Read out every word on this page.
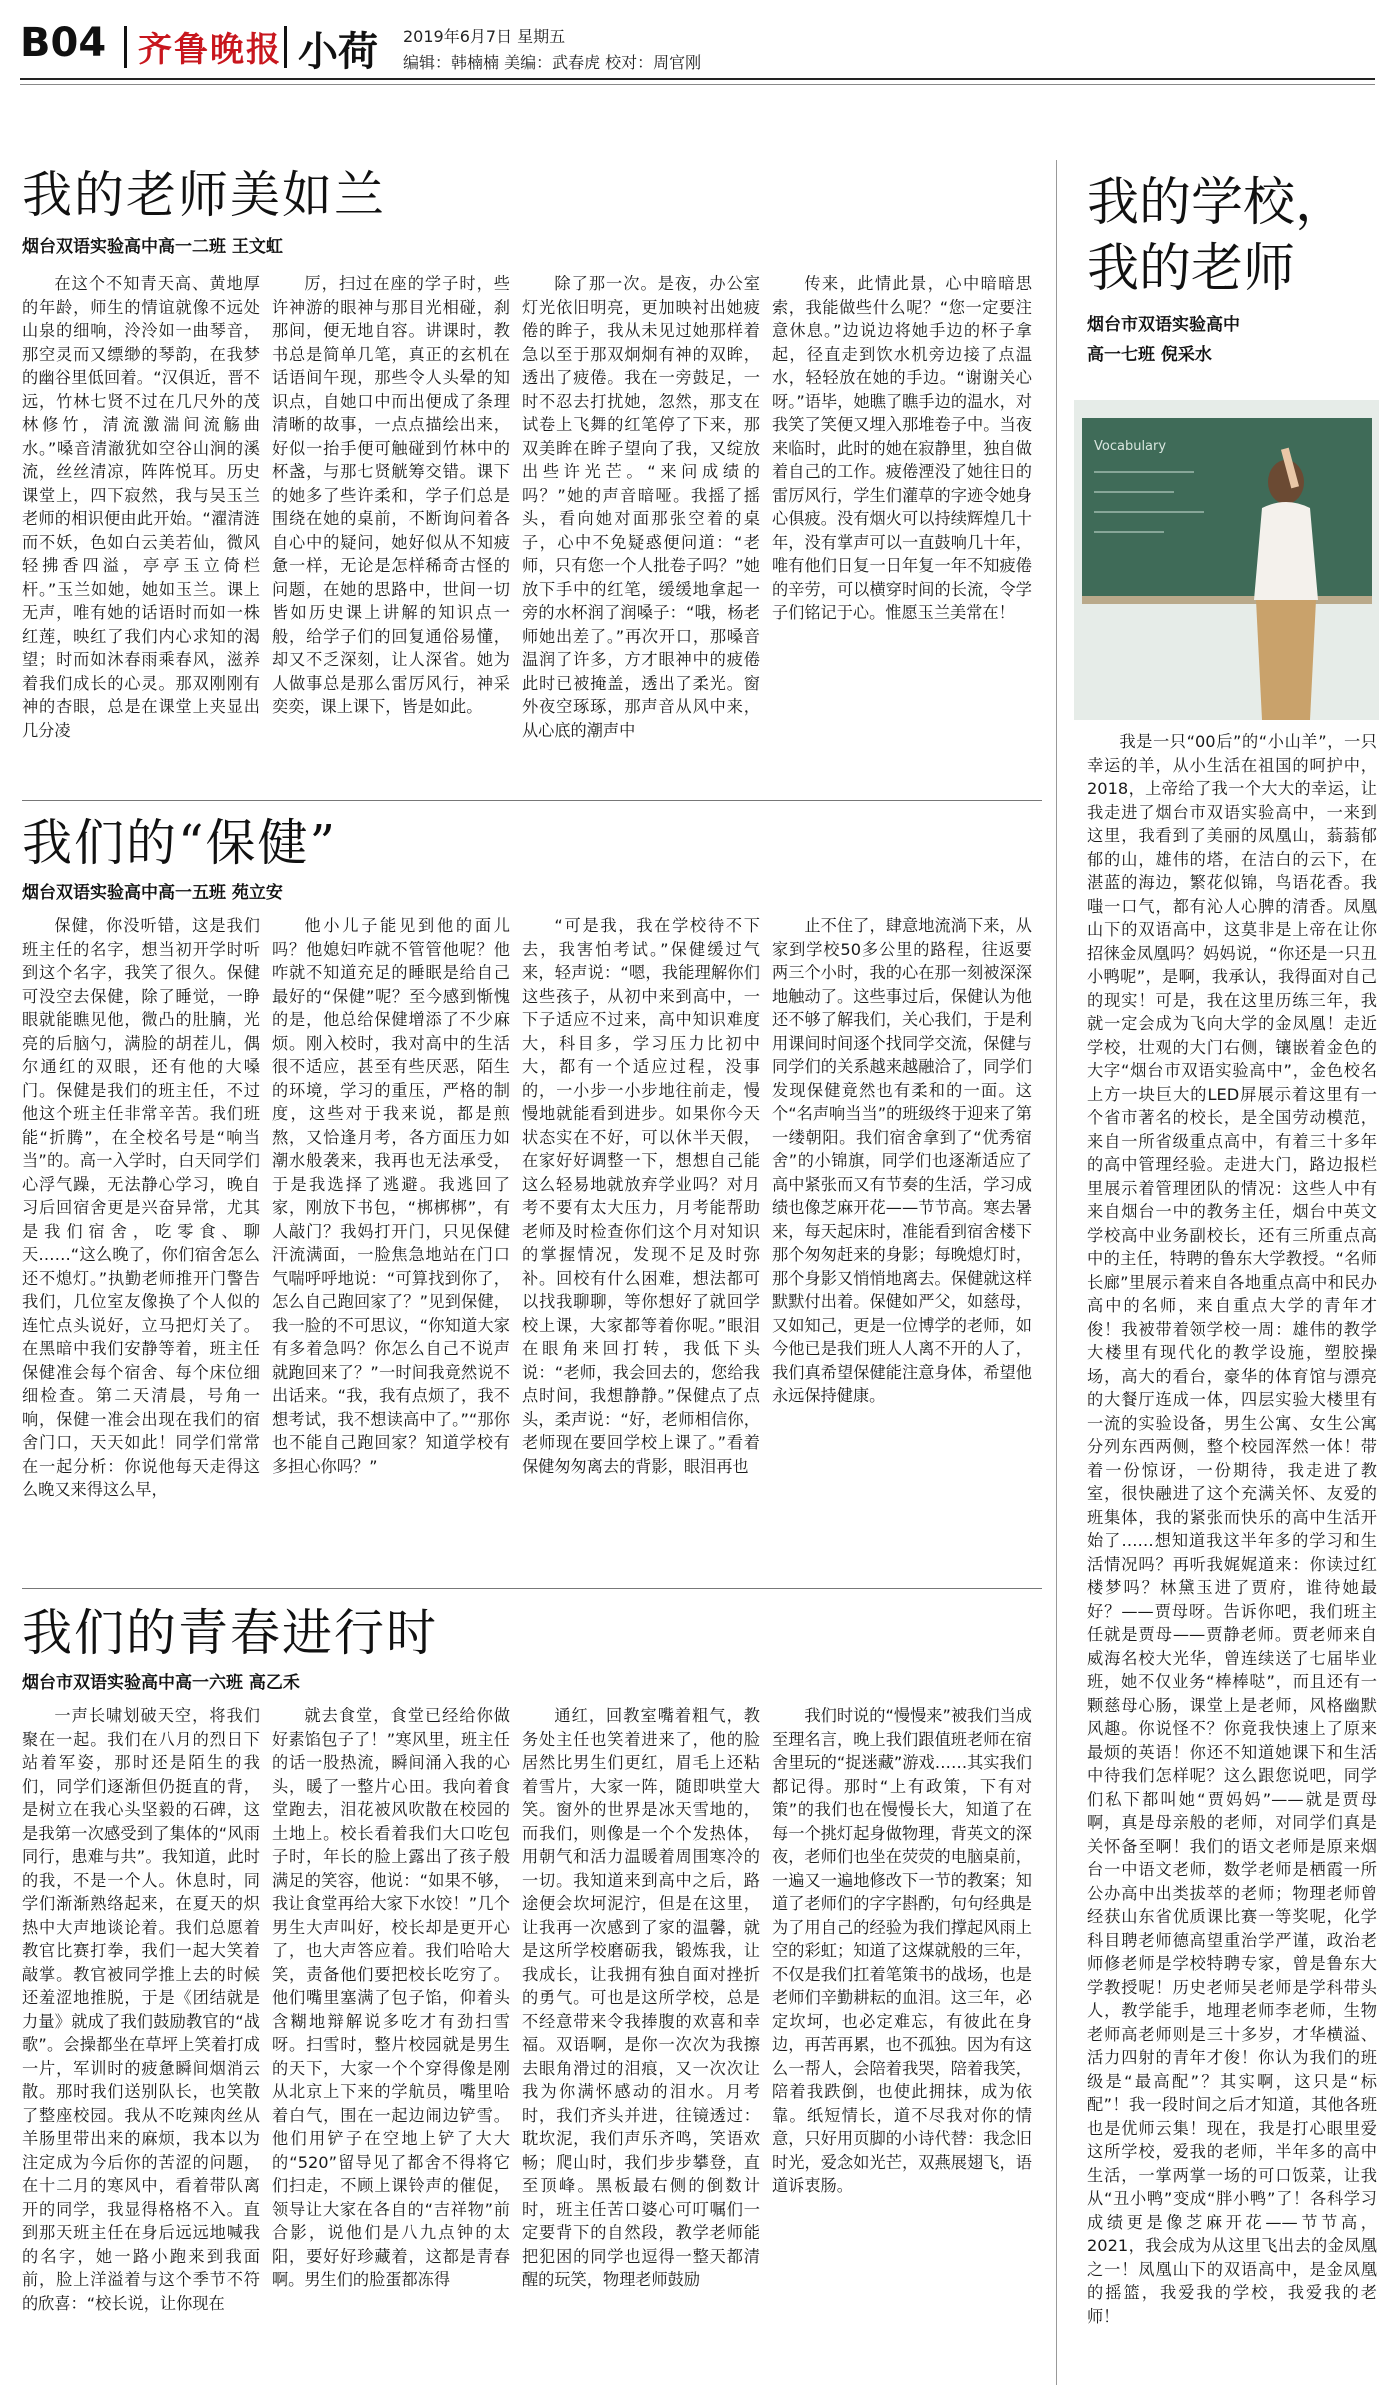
B04 齐鲁晚报 小荷 2019年6月7日 星期五
编辑：韩楠楠 美编：武春虎 校对：周官刚
我的老师美如兰
烟台双语实验高中高一二班 王文虹

在这个不知青天高、黄地厚的年龄，师生的情谊就像不远处山泉的细响，泠泠如一曲琴音，那空灵而又缥缈的琴韵，在我梦的幽谷里低回着。“汉俱近，晋不远，竹林七贤不过在几尺外的茂林修竹，清流激湍间流觞曲水。”嗓音清澈犹如空谷山涧的溪流，丝丝清凉，阵阵悦耳。历史课堂上，四下寂然，我与吴玉兰老师的相识便由此开始。“濯清涟而不妖，色如白云美若仙，微风轻拂香四溢，亭亭玉立倚栏杆。”玉兰如她，她如玉兰。课上无声，唯有她的话语时而如一株红莲，映红了我们内心求知的渴望；时而如沐春雨乘春风，滋养着我们成长的心灵。那双刚刚有神的杏眼，总是在课堂上夹显出几分凌

厉，扫过在座的学子时，些许神游的眼神与那目光相碰，刹那间，便无地自容。讲课时，教书总是简单几笔，真正的玄机在话语间午现，那些令人头晕的知识点，自她口中而出便成了条理清晰的故事，一点点描绘出来，好似一抬手便可触碰到竹林中的杯盏，与那七贤觥筹交错。课下的她多了些许柔和，学子们总是围绕在她的桌前，不断询问着各自心中的疑问，她好似从不知疲惫一样，无论是怎样稀奇古怪的问题，在她的思路中，世间一切皆如历史课上讲解的知识点一般，给学子们的回复通俗易懂，却又不乏深刻，让人深省。她为人做事总是那么雷厉风行，神采奕奕，课上课下，皆是如此。

除了那一次。是夜，办公室灯光依旧明亮，更加映衬出她疲倦的眸子，我从未见过她那样着急以至于那双炯炯有神的双眸，透出了疲倦。我在一旁鼓足，一时不忍去打扰她，忽然，那支在试卷上飞舞的红笔停了下来，那双美眸在眸子望向了我，又绽放出些许光芒。“来问成绩的吗？”她的声音暗哑。我摇了摇头，看向她对面那张空着的桌子，心中不免疑惑便问道：“老师，只有您一个人批卷子吗？”她放下手中的红笔，缓缓地拿起一旁的水杯润了润嗓子：“哦，杨老师她出差了。”再次开口，那嗓音温润了许多，方才眼神中的疲倦此时已被掩盖，透出了柔光。窗外夜空琢琢，那声音从风中来，从心底的潮声中

传来，此情此景，心中暗暗思索，我能做些什么呢？“您一定要注意休息。”边说边将她手边的杯子拿起，径直走到饮水机旁边接了点温水，轻轻放在她的手边。“谢谢关心呀。”语毕，她瞧了瞧手边的温水，对我笑了笑便又埋入那堆卷子中。当夜来临时，此时的她在寂静里，独自做着自己的工作。疲倦湮没了她往日的雷厉风行，学生们灌草的字迹令她身心俱疲。没有烟火可以持续辉煌几十年，没有掌声可以一直鼓响几十年，唯有他们日复一日年复一年不知疲倦的辛劳，可以横穿时间的长流，令学子们铭记于心。惟愿玉兰美常在！

我们的“保健”
烟台双语实验高中高一五班 苑立安

保健，你没听错，这是我们班主任的名字，想当初开学时听到这个名字，我笑了很久。保健可没空去保健，除了睡觉，一睁眼就能瞧见他，微凸的肚腩，光亮的后脑勺，满脸的胡茬儿，偶尔通红的双眼，还有他的大嗓门。保健是我们的班主任，不过他这个班主任非常辛苦。我们班能“折腾”，在全校名号是“响当当”的。高一入学时，白天同学们心浮气躁，无法静心学习，晚自习后回宿舍更是兴奋异常，尤其是我们宿舍，吃零食、聊天……“这么晚了，你们宿舍怎么还不熄灯。”执勤老师推开门警告我们，几位室友像换了个人似的连忙点头说好，立马把灯关了。在黑暗中我们安静等着，班主任保健准会每个宿舍、每个床位细细检查。第二天清晨，号角一响，保健一准会出现在我们的宿舍门口，天天如此！同学们常常在一起分析：你说他每天走得这么晚又来得这么早，

他小儿子能见到他的面儿吗？他媳妇咋就不管管他呢？他咋就不知道充足的睡眠是给自己最好的“保健”呢？至今感到惭愧的是，他总给保健增添了不少麻烦。刚入校时，我对高中的生活很不适应，甚至有些厌恶，陌生的环境，学习的重压，严格的制度，这些对于我来说，都是煎熬，又恰逢月考，各方面压力如潮水般袭来，我再也无法承受，于是我选择了逃避。我逃回了家，刚放下书包，“梆梆梆”，有人敲门？我妈打开门，只见保健汗流满面，一脸焦急地站在门口气喘呼呼地说：“可算找到你了，怎么自己跑回家了？”见到保健，我一脸的不可思议，“你知道大家有多着急吗？你怎么自己不说声就跑回来了？”一时间我竟然说不出话来。“我，我有点烦了，我不想考试，我不想读高中了。”“那你也不能自己跑回家？知道学校有多担心你吗？”

“可是我，我在学校待不下去，我害怕考试。”保健缓过气来，轻声说：“嗯，我能理解你们这些孩子，从初中来到高中，一下子适应不过来，高中知识难度大，科目多，学习压力比初中大，都有一个适应过程，没事的，一小步一小步地往前走，慢慢地就能看到进步。如果你今天状态实在不好，可以休半天假，在家好好调整一下，想想自己能这么轻易地就放弃学业吗？对月考不要有太大压力，月考能帮助老师及时检查你们这个月对知识的掌握情况，发现不足及时弥补。回校有什么困难，想法都可以找我聊聊，等你想好了就回学校上课，大家都等着你呢。”眼泪在眼角来回打转，我低下头说：“老师，我会回去的，您给我点时间，我想静静。”保健点了点头，柔声说：“好，老师相信你，老师现在要回学校上课了。”看着保健匆匆离去的背影，眼泪再也

止不住了，肆意地流淌下来，从家到学校50多公里的路程，往返要两三个小时，我的心在那一刻被深深地触动了。这些事过后，保健认为他还不够了解我们，关心我们，于是利用课间时间逐个找同学交流，保健与同学们的关系越来越融洽了，同学们发现保健竟然也有柔和的一面。这个“名声响当当”的班级终于迎来了第一缕朝阳。我们宿舍拿到了“优秀宿舍”的小锦旗，同学们也逐渐适应了高中紧张而又有节奏的生活，学习成绩也像芝麻开花——节节高。寒去暑来，每天起床时，准能看到宿舍楼下那个匆匆赶来的身影；每晚熄灯时，那个身影又悄悄地离去。保健就这样默默付出着。保健如严父，如慈母，又如知己，更是一位博学的老师，如今他已是我们班人人离不开的人了，我们真希望保健能注意身体，希望他永远保持健康。

我们的青春进行时
烟台市双语实验高中高一六班 高乙禾

一声长啸划破天空，将我们聚在一起。我们在八月的烈日下站着军姿，那时还是陌生的我们，同学们逐渐但仍挺直的背，是树立在我心头坚毅的石碑，这是我第一次感受到了集体的“风雨同行，患难与共”。我知道，此时的我，不是一个人。休息时，同学们渐渐熟络起来，在夏天的炽热中大声地谈论着。我们总愿着教官比赛打拳，我们一起大笑着敲掌。教官被同学推上去的时候还羞涩地推脱，于是《团结就是力量》就成了我们鼓励教官的“战歌”。会操都坐在草坪上笑着打成一片，军训时的疲惫瞬间烟消云散。那时我们送别队长，也笑散了整座校园。我从不吃辣肉丝从羊肠里带出来的麻烦，我本以为注定成为今后你的苦涩的问题，在十二月的寒风中，看着带队离开的同学，我显得格格不入。直到那天班主任在身后远远地喊我的名字，她一路小跑来到我面前，脸上洋溢着与这个季节不符的欣喜：“校长说，让你现在

就去食堂，食堂已经给你做好素馅包子了！”寒风里，班主任的话一股热流，瞬间涌入我的心头，暖了一整片心田。我向着食堂跑去，泪花被风吹散在校园的土地上。校长看着我们大口吃包子时，年长的脸上露出了孩子般满足的笑容，他说：“如果不够，我让食堂再给大家下水饺！”几个男生大声叫好，校长却是更开心了，也大声答应着。我们哈哈大笑，责备他们要把校长吃穷了。他们嘴里塞满了包子馅，仰着头含糊地辩解说多吃才有劲扫雪呀。扫雪时，整片校园就是男生的天下，大家一个个穿得像是刚从北京上下来的学航员，嘴里哈着白气，围在一起边闹边铲雪。他们用铲子在空地上铲了大大的“520”留导见了都舍不得将它们扫走，不顾上课铃声的催促，领导让大家在各自的“吉祥物”前合影，说他们是八九点钟的太阳，要好好珍藏着，这都是青春啊。男生们的脸蛋都冻得

通红，回教室嘴着粗气，教务处主任也笑着进来了，他的脸居然比男生们更红，眉毛上还粘着雪片，大家一阵，随即哄堂大笑。窗外的世界是冰天雪地的，而我们，则像是一个个发热体，用朝气和活力温暖着周围寒冷的一切。我知道来到高中之后，路途便会坎坷泥泞，但是在这里，让我再一次感到了家的温馨，就是这所学校磨砺我，锻炼我，让我成长，让我拥有独自面对挫折的勇气。可也是这所学校，总是不经意带来令我捧腹的欢喜和幸福。双语啊，是你一次次为我擦去眼角滑过的泪痕，又一次次让我为你满怀感动的泪水。月考时，我们齐头并进，往镜透过：耽坎泥，我们声乐齐鸣，笑语欢畅；爬山时，我们步步攀登，直至顶峰。黑板最右侧的倒数计时，班主任苦口婆心可叮嘱们一定要背下的自然段，教学老师能把犯困的同学也逗得一整天都清醒的玩笑，物理老师鼓励

我们时说的“慢慢来”被我们当成至理名言，晚上我们跟值班老师在宿舍里玩的“捉迷藏”游戏……其实我们都记得。那时“上有政策，下有对策”的我们也在慢慢长大，知道了在每一个挑灯起身做物理，背英文的深夜，老师们也坐在荧荧的电脑桌前，一遍又一遍地修改下一节的教案；知道了老师们的字字斟酌，句句经典是为了用自己的经验为我们撑起风雨上空的彩虹；知道了这煤就般的三年，不仅是我们扛着笔策书的战场，也是老师们辛勤耕耘的血泪。这三年，必定坎坷，也必定难忘，有彼此在身边，再苦再累，也不孤独。因为有这么一帮人，会陪着我哭，陪着我笑，陪着我跌倒，也使此拥抹，成为依靠。纸短情长，道不尽我对你的情意，只好用页脚的小诗代替：我念旧时光，爱念如光芒，双燕展翅飞，语道诉衷肠。

我的学校，
我的老师
烟台市双语实验高中
高一七班 倪采水
Vocabulary

我是一只“00后”的“小山羊”，一只幸运的羊，从小生活在祖国的呵护中，2018，上帝给了我一个大大的幸运，让我走进了烟台市双语实验高中，一来到这里，我看到了美丽的凤凰山，蓊蓊郁郁的山，雄伟的塔，在洁白的云下，在湛蓝的海边，繁花似锦，鸟语花香。我嗤一口气，都有沁人心脾的清香。凤凰山下的双语高中，这莫非是上帝在让你招徕金凤凰吗？妈妈说，“你还是一只丑小鸭呢”，是啊，我承认，我得面对自己的现实！可是，我在这里历练三年，我就一定会成为飞向大学的金凤凰！走近学校，壮观的大门右侧，镶嵌着金色的大字“烟台市双语实验高中”，金色校名上方一块巨大的LED屏展示着这里有一个省市著名的校长，是全国劳动模范，来自一所省级重点高中，有着三十多年的高中管理经验。走进大门，路边报栏里展示着管理团队的情况：这些人中有来自烟台一中的教务主任，烟台中英文学校高中业务副校长，还有三所重点高中的主任，特聘的鲁东大学教授。“名师长廊”里展示着来自各地重点高中和民办高中的名师，来自重点大学的青年才俊！我被带着领学校一周：雄伟的教学大楼里有现代化的教学设施，塑胶操场，高大的看台，豪华的体育馆与漂亮的大餐厅连成一体，四层实验大楼里有一流的实验设备，男生公寓、女生公寓分列东西两侧，整个校园浑然一体！带着一份惊讶，一份期待，我走进了教室，很快融进了这个充满关怀、友爱的班集体，我的紧张而快乐的高中生活开始了……想知道我这半年多的学习和生活情况吗？再听我娓娓道来：你读过红楼梦吗？林黛玉进了贾府，谁待她最好？——贾母呀。告诉你吧，我们班主任就是贾母——贾静老师。贾老师来自威海名校大光华，曾连续送了七届毕业班，她不仅业务“棒棒哒”，而且还有一颗慈母心肠，课堂上是老师，风格幽默风趣。你说怪不？你竟我快速上了原来最烦的英语！你还不知道她课下和生活中待我们怎样呢？这么跟您说吧，同学们私下都叫她“贾妈妈”——就是贾母啊，真是母亲般的老师，对同学们真是关怀备至啊！我们的语文老师是原来烟台一中语文老师，数学老师是栖霞一所公办高中出类拔萃的老师；物理老师曾经获山东省优质课比赛一等奖呢，化学科目聘老师德高望重治学严谨，政治老师修老师是学校特聘专家，曾是鲁东大学教授呢！历史老师吴老师是学科带头人，教学能手，地理老师李老师，生物老师高老师则是三十多岁，才华横溢、活力四射的青年才俊！你认为我们的班级是“最高配”？其实啊，这只是“标配”！我一段时间之后才知道，其他各班也是优师云集！现在，我是打心眼里爱这所学校，爱我的老师，半年多的高中生活，一掌两掌一场的可口饭菜，让我从“丑小鸭”变成“胖小鸭”了！各科学习成绩更是像芝麻开花——节节高，2021，我会成为从这里飞出去的金凤凰之一！凤凰山下的双语高中，是金凤凰的摇篮，我爱我的学校，我爱我的老师！
